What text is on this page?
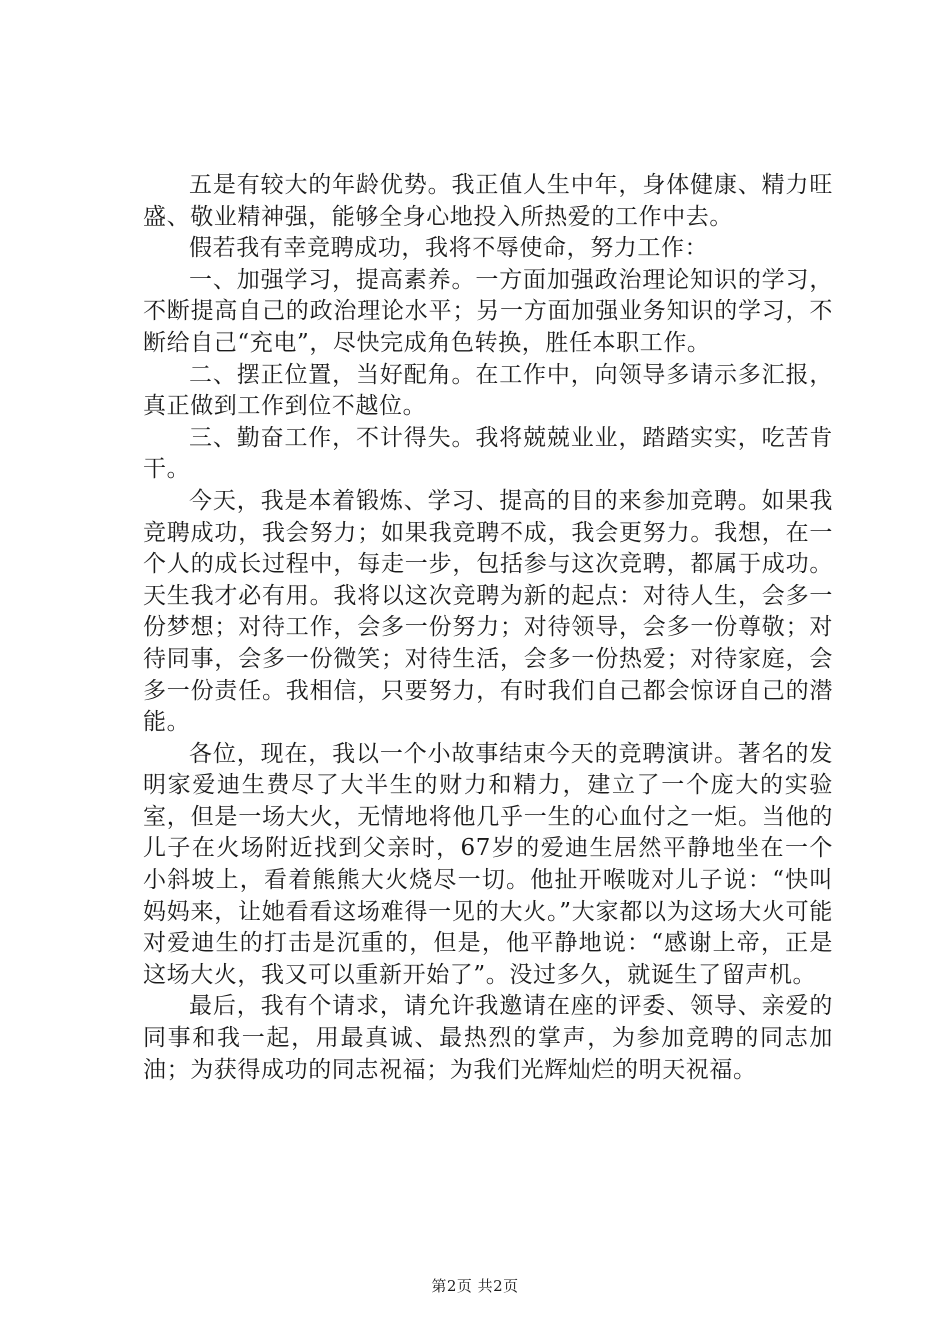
五是有较大的年龄优势。我正值人生中年，身体健康、精力旺盛、敬业精神强，能够全身心地投入所热爱的工作中去。

假若我有幸竞聘成功，我将不辱使命，努力工作：

一、加强学习，提高素养。一方面加强政治理论知识的学习，不断提高自己的政治理论水平；另一方面加强业务知识的学习，不断给自己“充电”，尽快完成角色转换，胜任本职工作。

二、摆正位置，当好配角。在工作中，向领导多请示多汇报，真正做到工作到位不越位。

三、勤奋工作，不计得失。我将兢兢业业，踏踏实实，吃苦肯干。

今天，我是本着锻炼、学习、提高的目的来参加竞聘。如果我竞聘成功，我会努力；如果我竞聘不成，我会更努力。我想，在一个人的成长过程中，每走一步，包括参与这次竞聘，都属于成功。天生我才必有用。我将以这次竞聘为新的起点：对待人生，会多一份梦想；对待工作，会多一份努力；对待领导，会多一份尊敬；对待同事，会多一份微笑；对待生活，会多一份热爱；对待家庭，会多一份责任。我相信，只要努力，有时我们自己都会惊讶自己的潜能。

各位，现在，我以一个小故事结束今天的竞聘演讲。著名的发明家爱迪生费尽了大半生的财力和精力，建立了一个庞大的实验室，但是一场大火，无情地将他几乎一生的心血付之一炬。当他的儿子在火场附近找到父亲时，67岁的爱迪生居然平静地坐在一个小斜坡上，看着熊熊大火烧尽一切。他扯开喉咙对儿子说：“快叫妈妈来，让她看看这场难得一见的大火。”大家都以为这场大火可能对爱迪生的打击是沉重的，但是，他平静地说：“感谢上帝，正是这场大火，我又可以重新开始了”。没过多久，就诞生了留声机。

最后，我有个请求，请允许我邀请在座的评委、领导、亲爱的同事和我一起，用最真诚、最热烈的掌声，为参加竞聘的同志加油；为获得成功的同志祝福；为我们光辉灿烂的明天祝福。

第2页 共2页
